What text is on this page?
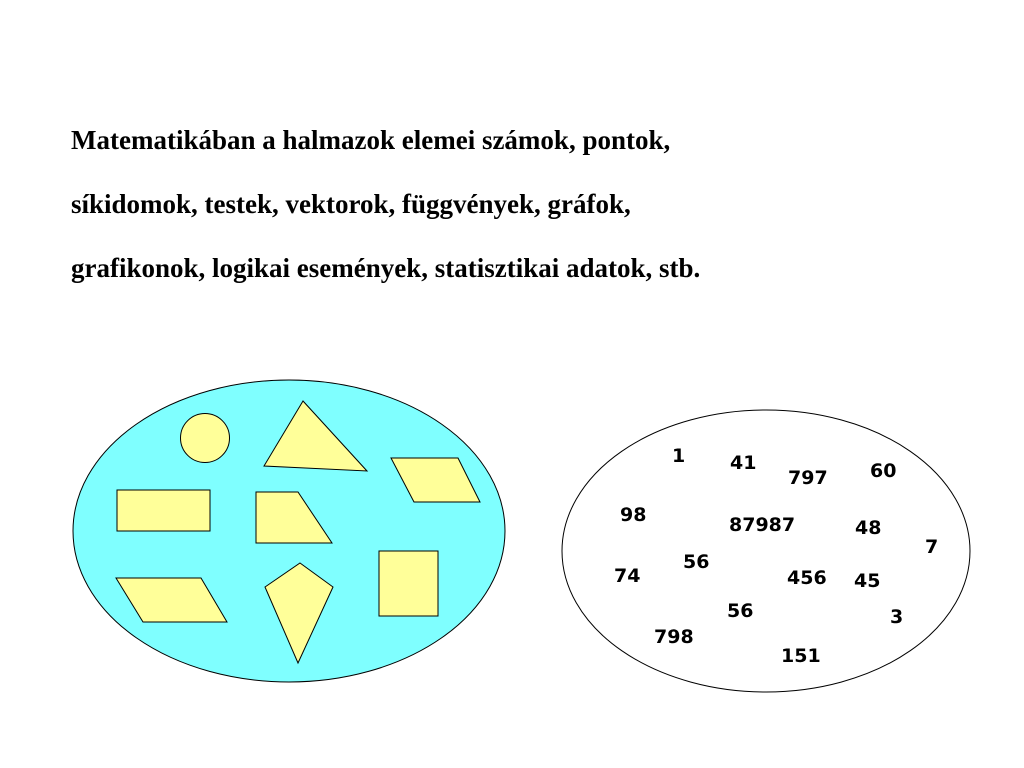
Matematikában a halmazok elemei számok, pontok,
síkidomok, testek, vektorok, függvények, gráfok,
grafikonok, logikai események, statisztikai adatok, stb.
1 41
797 60
98	87987	48
7
56
74	456 45
56	3
798
151
